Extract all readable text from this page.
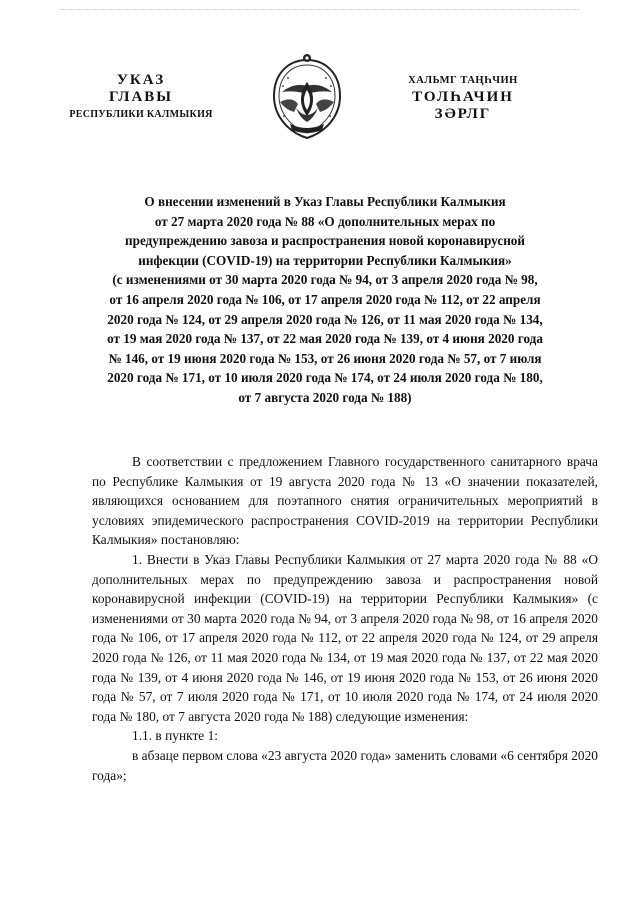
УКАЗ
ГЛАВЫ
РЕСПУБЛИКИ КАЛМЫКИЯ
ХАЛЬМГ ТАҢҺЧИН
ТОЛҺАЧИН
ЗӘРЛГ
О внесении изменений в Указ Главы Республики Калмыкия
от 27 марта 2020 года № 88 «О дополнительных мерах по
предупреждению завоза и распространения новой коронавирусной
инфекции (COVID-19) на территории Республики Калмыкия»
(с изменениями от 30 марта 2020 года № 94, от 3 апреля 2020 года № 98,
от 16 апреля 2020 года № 106, от 17 апреля 2020 года № 112, от 22 апреля
2020 года № 124, от 29 апреля 2020 года № 126, от 11 мая 2020 года № 134,
от 19 мая 2020 года № 137, от 22 мая 2020 года № 139, от 4 июня 2020 года
№ 146, от 19 июня 2020 года № 153, от 26 июня 2020 года № 57, от 7 июля
2020 года № 171, от 10 июля 2020 года № 174, от 24 июля 2020 года № 180,
от 7 августа 2020 года № 188)

В соответствии с предложением Главного государственного санитарного врача по Республике Калмыкия от 19 августа 2020 года № 13 «О значении показателей, являющихся основанием для поэтапного снятия ограничительных мероприятий в условиях эпидемического распространения COVID-2019 на территории Республики Калмыкия» постановляю:

1. Внести в Указ Главы Республики Калмыкия от 27 марта 2020 года № 88 «О дополнительных мерах по предупреждению завоза и распространения новой коронавирусной инфекции (COVID-19) на территории Республики Калмыкия» (с изменениями от 30 марта 2020 года № 94, от 3 апреля 2020 года № 98, от 16 апреля 2020 года № 106, от 17 апреля 2020 года № 112, от 22 апреля 2020 года № 124, от 29 апреля 2020 года № 126, от 11 мая 2020 года № 134, от 19 мая 2020 года № 137, от 22 мая 2020 года № 139, от 4 июня 2020 года № 146, от 19 июня 2020 года № 153, от 26 июня 2020 года № 57, от 7 июля 2020 года № 171, от 10 июля 2020 года № 174, от 24 июля 2020 года № 180, от 7 августа 2020 года № 188) следующие изменения:

1.1. в пункте 1:

в абзаце первом слова «23 августа 2020 года» заменить словами «6 сентября 2020 года»;
